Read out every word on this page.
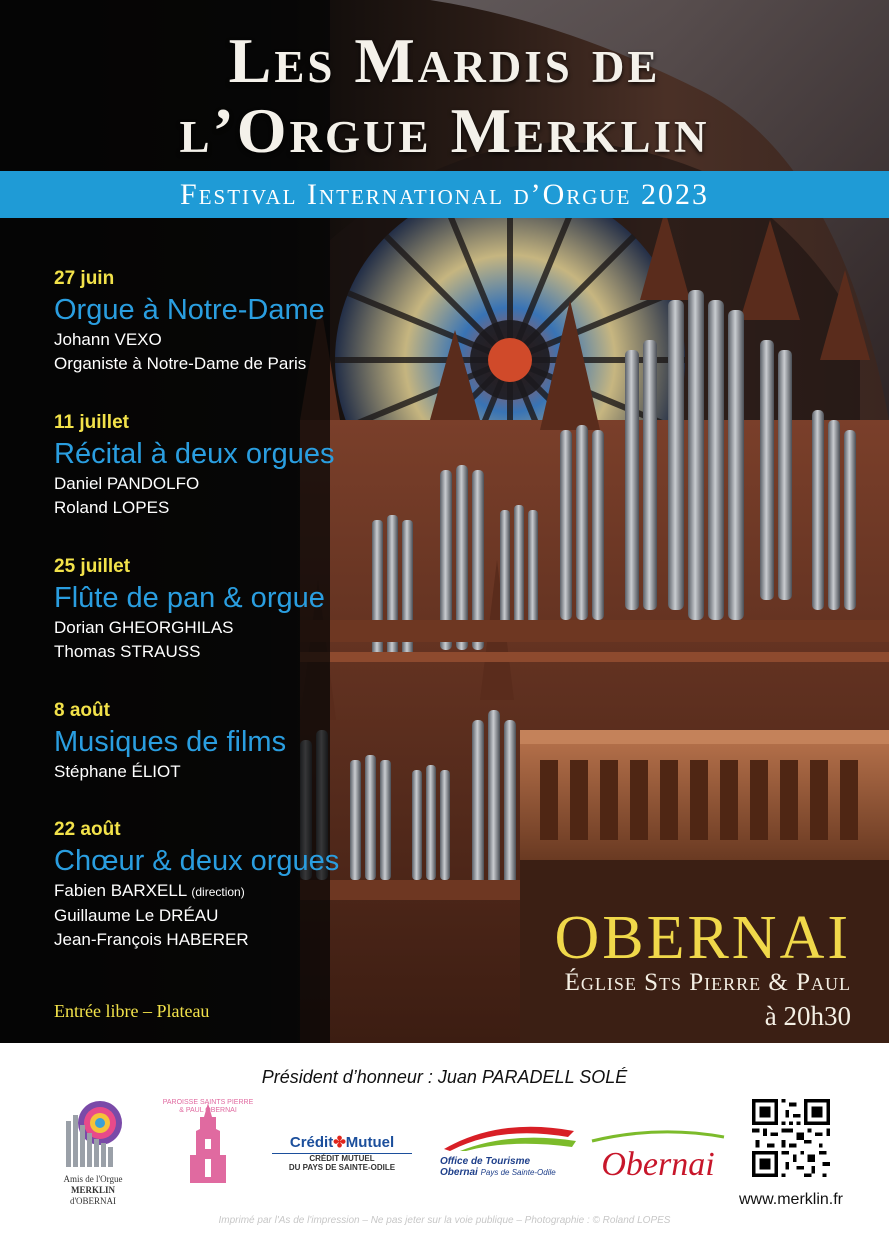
Les Mardis de
l’Orgue Merklin
Festival International d’Orgue 2023
27 juin
Orgue à Notre-Dame
Johann VEXO
Organiste à Notre-Dame de Paris
11 juillet
Récital à deux orgues
Daniel PANDOLFO
Roland LOPES
25 juillet
Flûte de pan & orgue
Dorian GHEORGHILAS
Thomas STRAUSS
8 août
Musiques de films
Stéphane ÉLIOT
22 août
Chœur & deux orgues
Fabien BARXELL (direction)
Guillaume Le DRÉAU
Jean-François HABERER
Entrée libre – Plateau
OBERNAI
Église Sts Pierre & Paul
à 20h30
Président d’honneur : Juan PARADELL SOLÉ
Amis de l'Orgue
MERKLIN
d'OBERNAI
PAROISSE SAINTS PIERRE & PAUL OBERNAI
Crédit✤Mutuel
CRÉDIT MUTUEL
DU PAYS DE SAINTE-ODILE
Office de Tourisme
Obernai Pays de Sainte-Odile	Obernai
www.merklin.fr
Imprimé par l'As de l'impression – Ne pas jeter sur la voie publique – Photographie : © Roland LOPES
